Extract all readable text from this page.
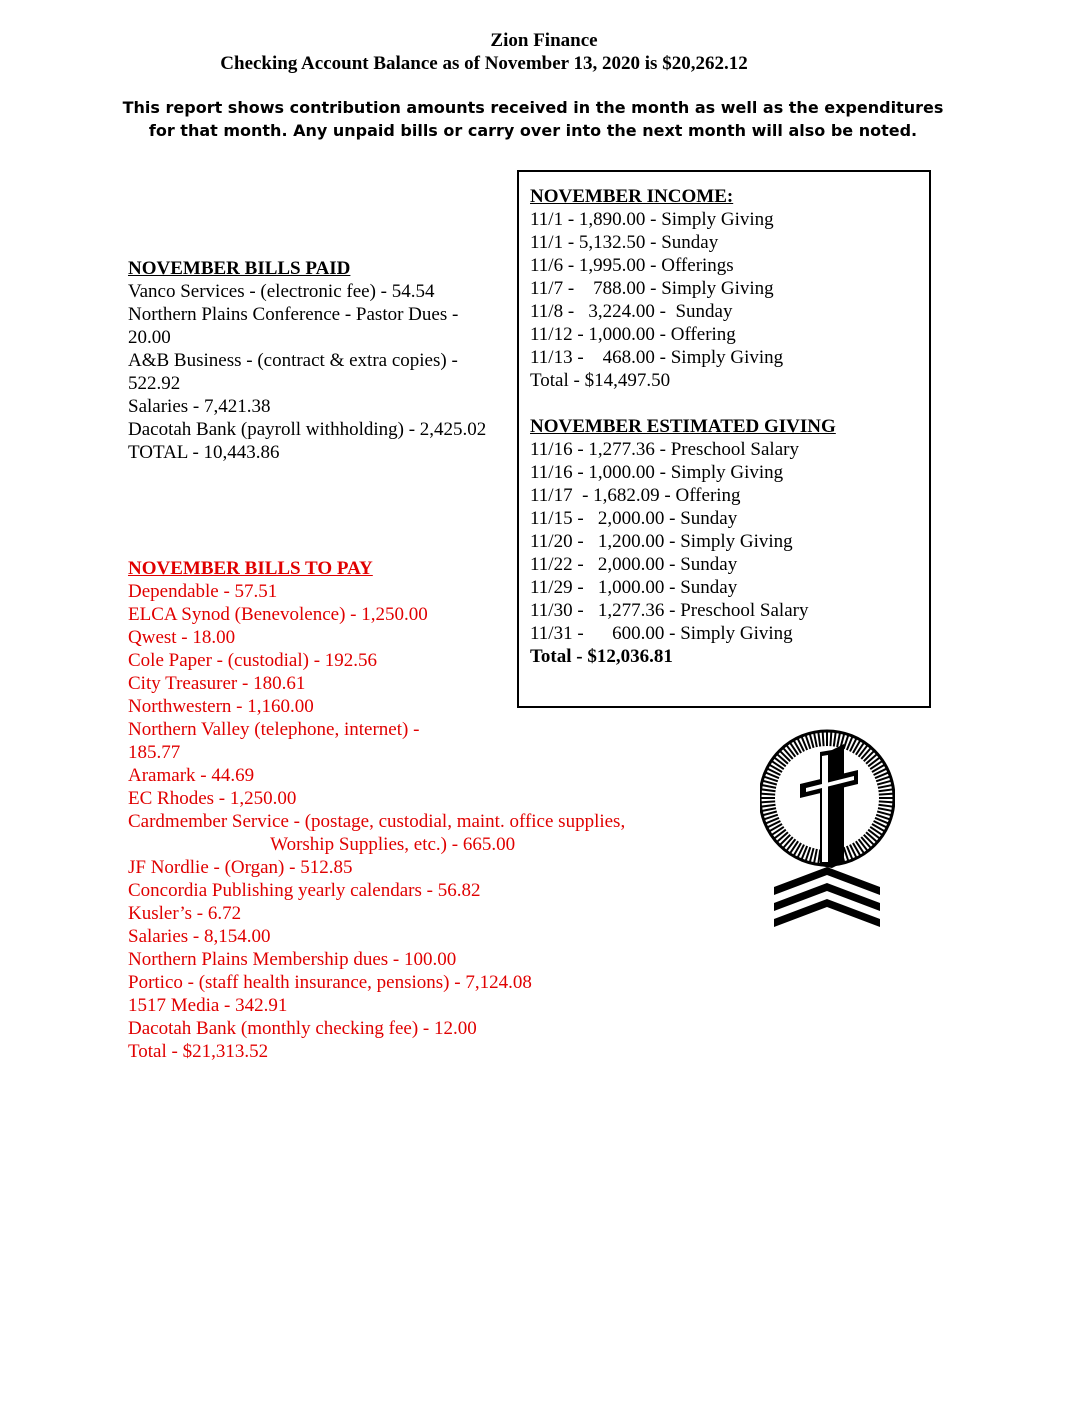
Zion Finance
Checking Account Balance as of November 13, 2020 is $20,262.12
This report shows contribution amounts received in the month as well as the expenditures
for that month. Any unpaid bills or carry over into the next month will also be noted.
NOVEMBER BILLS PAID
Vanco Services - (electronic fee) - 54.54
Northern Plains Conference - Pastor Dues - 20.00
A&B Business - (contract & extra copies) - 522.92
Salaries - 7,421.38
Dacotah Bank (payroll withholding) - 2,425.02
TOTAL - 10,443.86
NOVEMBER BILLS TO PAY
Dependable - 57.51
ELCA Synod (Benevolence) - 1,250.00
Qwest - 18.00
Cole Paper - (custodial) - 192.56
City Treasurer - 180.61
Northwestern - 1,160.00
Northern Valley (telephone, internet) -
185.77
Aramark - 44.69
EC Rhodes - 1,250.00
Cardmember Service - (postage, custodial, maint. office supplies,
Worship Supplies, etc.) - 665.00
JF Nordlie - (Organ) - 512.85
Concordia Publishing yearly calendars - 56.82
Kusler’s - 6.72
Salaries - 8,154.00
Northern Plains Membership dues - 100.00
Portico - (staff health insurance, pensions) - 7,124.08
1517 Media - 342.91
Dacotah Bank (monthly checking fee) - 12.00
Total - $21,313.52
NOVEMBER INCOME:
11/1 - 1,890.00 - Simply Giving
11/1 - 5,132.50 - Sunday
11/6 - 1,995.00 - Offerings
11/7 -    788.00 - Simply Giving
11/8 -   3,224.00 -  Sunday
11/12 - 1,000.00 - Offering
11/13 -    468.00 - Simply Giving
Total - $14,497.50
NOVEMBER ESTIMATED GIVING
11/16 - 1,277.36 - Preschool Salary
11/16 - 1,000.00 - Simply Giving
11/17  - 1,682.09 - Offering
11/15 -   2,000.00 - Sunday
11/20 -   1,200.00 - Simply Giving
11/22 -   2,000.00 - Sunday
11/29 -   1,000.00 - Sunday
11/30 -   1,277.36 - Preschool Salary
11/31 -      600.00 - Simply Giving
Total - $12,036.81
